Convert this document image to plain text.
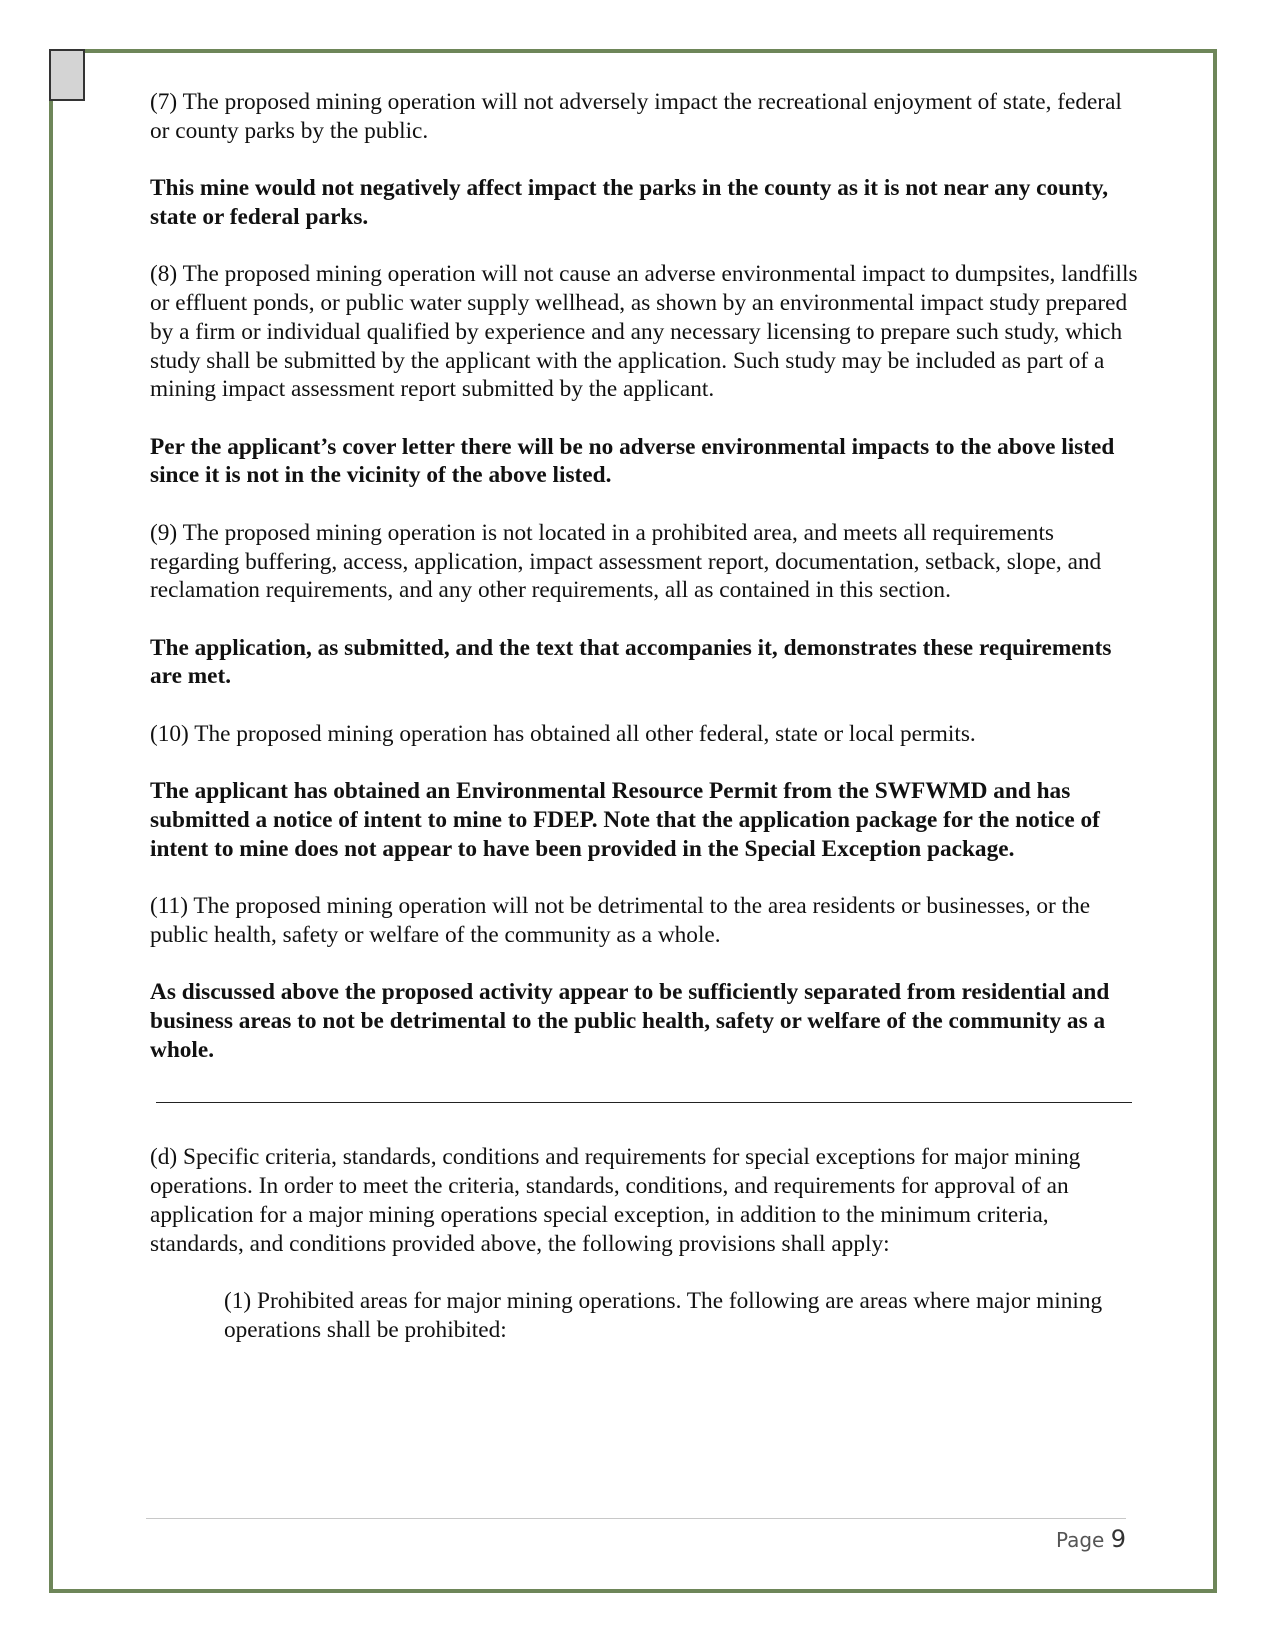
(7) The proposed mining operation will not adversely impact the recreational enjoyment of state, federal or county parks by the public.

This mine would not negatively affect impact the parks in the county as it is not near any county, state or federal parks.

(8) The proposed mining operation will not cause an adverse environmental impact to dumpsites, landfills or effluent ponds, or public water supply wellhead, as shown by an environmental impact study prepared by a firm or individual qualified by experience and any necessary licensing to prepare such study, which study shall be submitted by the applicant with the application. Such study may be included as part of a mining impact assessment report submitted by the applicant.

Per the applicant’s cover letter there will be no adverse environmental impacts to the above listed since it is not in the vicinity of the above listed.

(9) The proposed mining operation is not located in a prohibited area, and meets all requirements regarding buffering, access, application, impact assessment report, documentation, setback, slope, and reclamation requirements, and any other requirements, all as contained in this section.

The application, as submitted, and the text that accompanies it, demonstrates these requirements are met.

(10) The proposed mining operation has obtained all other federal, state or local permits.

The applicant has obtained an Environmental Resource Permit from the SWFWMD and has submitted a notice of intent to mine to FDEP. Note that the application package for the notice of intent to mine does not appear to have been provided in the Special Exception package.

(11) The proposed mining operation will not be detrimental to the area residents or businesses, or the public health, safety or welfare of the community as a whole.

As discussed above the proposed activity appear to be sufficiently separated from residential and business areas to not be detrimental to the public health, safety or welfare of the community as a whole.

(d) Specific criteria, standards, conditions and requirements for special exceptions for major mining operations. In order to meet the criteria, standards, conditions, and requirements for approval of an application for a major mining operations special exception, in addition to the minimum criteria, standards, and conditions provided above, the following provisions shall apply:

(1) Prohibited areas for major mining operations. The following are areas where major mining operations shall be prohibited:

Page 9
